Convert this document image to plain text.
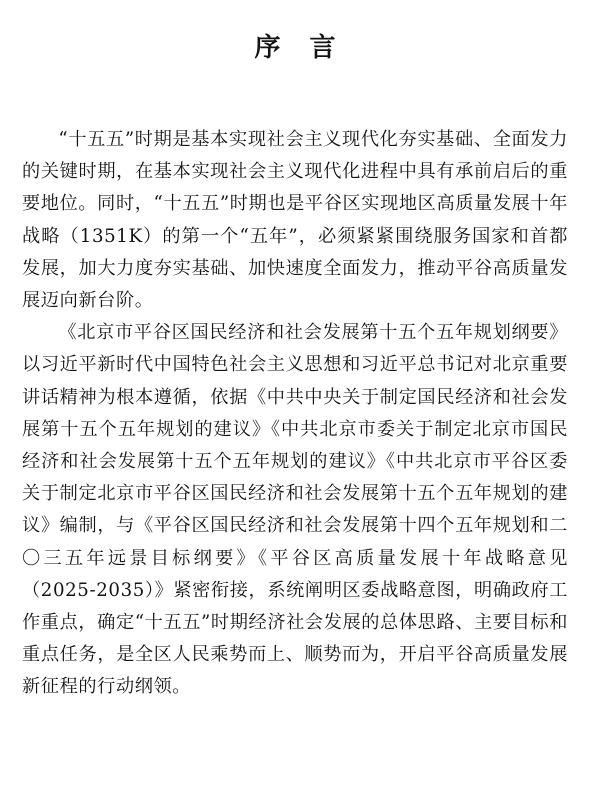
序 言

“十五五”时期是基本实现社会主义现代化夯实基础、全面发力的关键时期，在基本实现社会主义现代化进程中具有承前启后的重要地位。同时，“十五五”时期也是平谷区实现地区高质量发展十年战略（1351K）的第一个“五年”，必须紧紧围绕服务国家和首都发展，加大力度夯实基础、加快速度全面发力，推动平谷高质量发展迈向新台阶。

《北京市平谷区国民经济和社会发展第十五个五年规划纲要》以习近平新时代中国特色社会主义思想和习近平总书记对北京重要讲话精神为根本遵循，依据《中共中央关于制定国民经济和社会发展第十五个五年规划的建议》《中共北京市委关于制定北京市国民经济和社会发展第十五个五年规划的建议》《中共北京市平谷区委关于制定北京市平谷区国民经济和社会发展第十五个五年规划的建议》编制，与《平谷区国民经济和社会发展第十四个五年规划和二〇三五年远景目标纲要》《平谷区高质量发展十年战略意见（2025-2035）》紧密衔接，系统阐明区委战略意图，明确政府工作重点，确定“十五五”时期经济社会发展的总体思路、主要目标和重点任务，是全区人民乘势而上、顺势而为，开启平谷高质量发展新征程的行动纲领。
